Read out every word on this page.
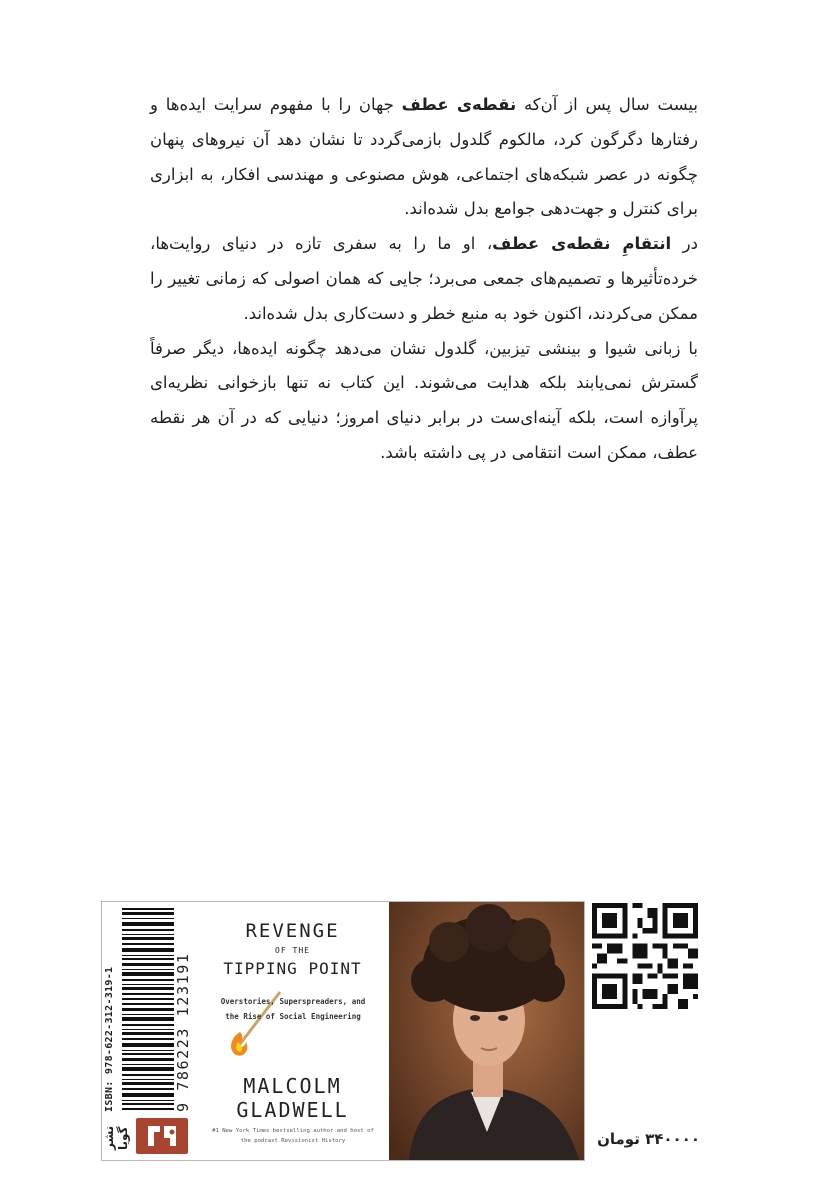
بیست سال پس از آن‌که نقطه‌ی عطف جهان را با مفهوم سرایت ایده‌ها و رفتارها دگرگون کرد، مالکوم گلدول بازمی‌گردد تا نشان دهد آن نیروهای پنهان چگونه در عصر شبکه‌های اجتماعی، هوش مصنوعی و مهندسی افکار، به ابزاری برای کنترل و جهت‌دهی جوامع بدل شده‌اند.

در انتقامِ نقطه‌ی عطف، او ما را به سفری تازه در دنیای روایت‌ها، خرده‌تأثیرها و تصمیم‌های جمعی می‌برد؛ جایی که همان اصولی که زمانی تغییر را ممکن می‌کردند، اکنون خود به منبع خطر و دست‌کاری بدل شده‌اند.

با زبانی شیوا و بینشی تیزبین، گلدول نشان می‌دهد چگونه ایده‌ها، دیگر صرفاً گسترش نمی‌یابند بلکه هدایت می‌شوند. این کتاب نه تنها بازخوانی نظریه‌ای پرآوازه است، بلکه آینه‌ای‌ست در برابر دنیای امروز؛ دنیایی که در آن هر نقطه عطف، ممکن است انتقامی در پی داشته باشد.

ISBN: 978-622-312-319-1	9 786223 123191
نشر گویا
REVENGE
OF THE
TIPPING POINT
Overstories, Superspreaders, and the Rise of Social Engineering
MALCOLM
GLADWELL
#1 New York Times bestselling author and host of the podcast Revisionist History	۳۴۰۰۰۰ تومان
